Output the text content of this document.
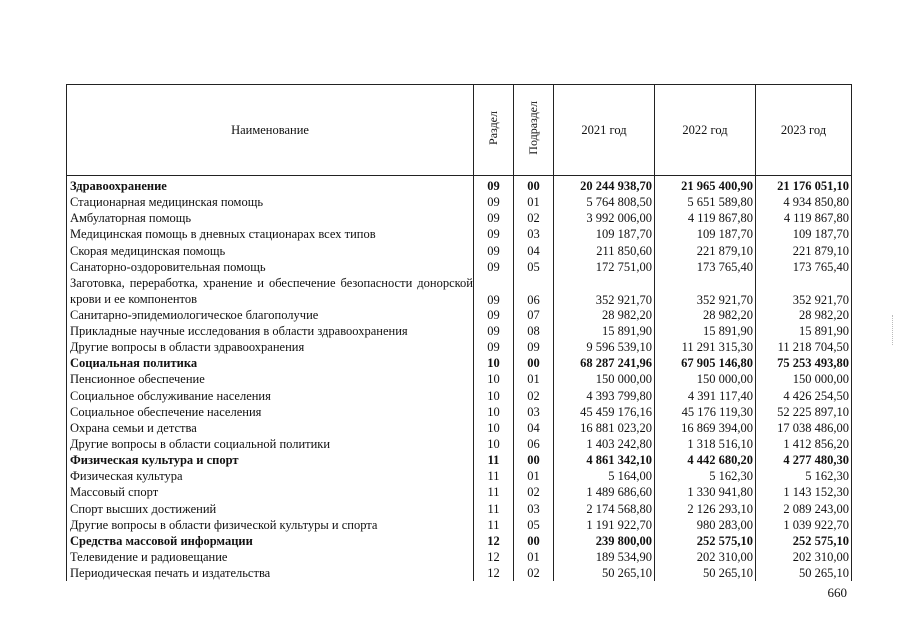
Наименование	Раздел	Подраздел	2021 год	2022 год	2023 год
Здравоохранение	09	00	20 244 938,70	21 965 400,90	21 176 051,10
Стационарная медицинская помощь	09	01	5 764 808,50	5 651 589,80	4 934 850,80
Амбулаторная помощь	09	02	3 992 006,00	4 119 867,80	4 119 867,80
Медицинская помощь в дневных стационарах всех типов	09	03	109 187,70	109 187,70	109 187,70
Скорая медицинская помощь	09	04	211 850,60	221 879,10	221 879,10
Санаторно-оздоровительная помощь	09	05	172 751,00	173 765,40	173 765,40
Заготовка, переработка, хранение и обеспечение безопасности донорской крови и ее компонентов	09	06	352 921,70	352 921,70	352 921,70
Санитарно-эпидемиологическое благополучие	09	07	28 982,20	28 982,20	28 982,20
Прикладные научные исследования в области здравоохранения	09	08	15 891,90	15 891,90	15 891,90
Другие вопросы в области здравоохранения	09	09	9 596 539,10	11 291 315,30	11 218 704,50
Социальная политика	10	00	68 287 241,96	67 905 146,80	75 253 493,80
Пенсионное обеспечение	10	01	150 000,00	150 000,00	150 000,00
Социальное обслуживание населения	10	02	4 393 799,80	4 391 117,40	4 426 254,50
Социальное обеспечение населения	10	03	45 459 176,16	45 176 119,30	52 225 897,10
Охрана семьи и детства	10	04	16 881 023,20	16 869 394,00	17 038 486,00
Другие вопросы в области социальной политики	10	06	1 403 242,80	1 318 516,10	1 412 856,20
Физическая культура и спорт	11	00	4 861 342,10	4 442 680,20	4 277 480,30
Физическая культура	11	01	5 164,00	5 162,30	5 162,30
Массовый спорт	11	02	1 489 686,60	1 330 941,80	1 143 152,30
Спорт высших достижений	11	03	2 174 568,80	2 126 293,10	2 089 243,00
Другие вопросы в области физической культуры и спорта	11	05	1 191 922,70	980 283,00	1 039 922,70
Средства массовой информации	12	00	239 800,00	252 575,10	252 575,10
Телевидение и радиовещание	12	01	189 534,90	202 310,00	202 310,00
Периодическая печать и издательства	12	02	50 265,10	50 265,10	50 265,10
660
